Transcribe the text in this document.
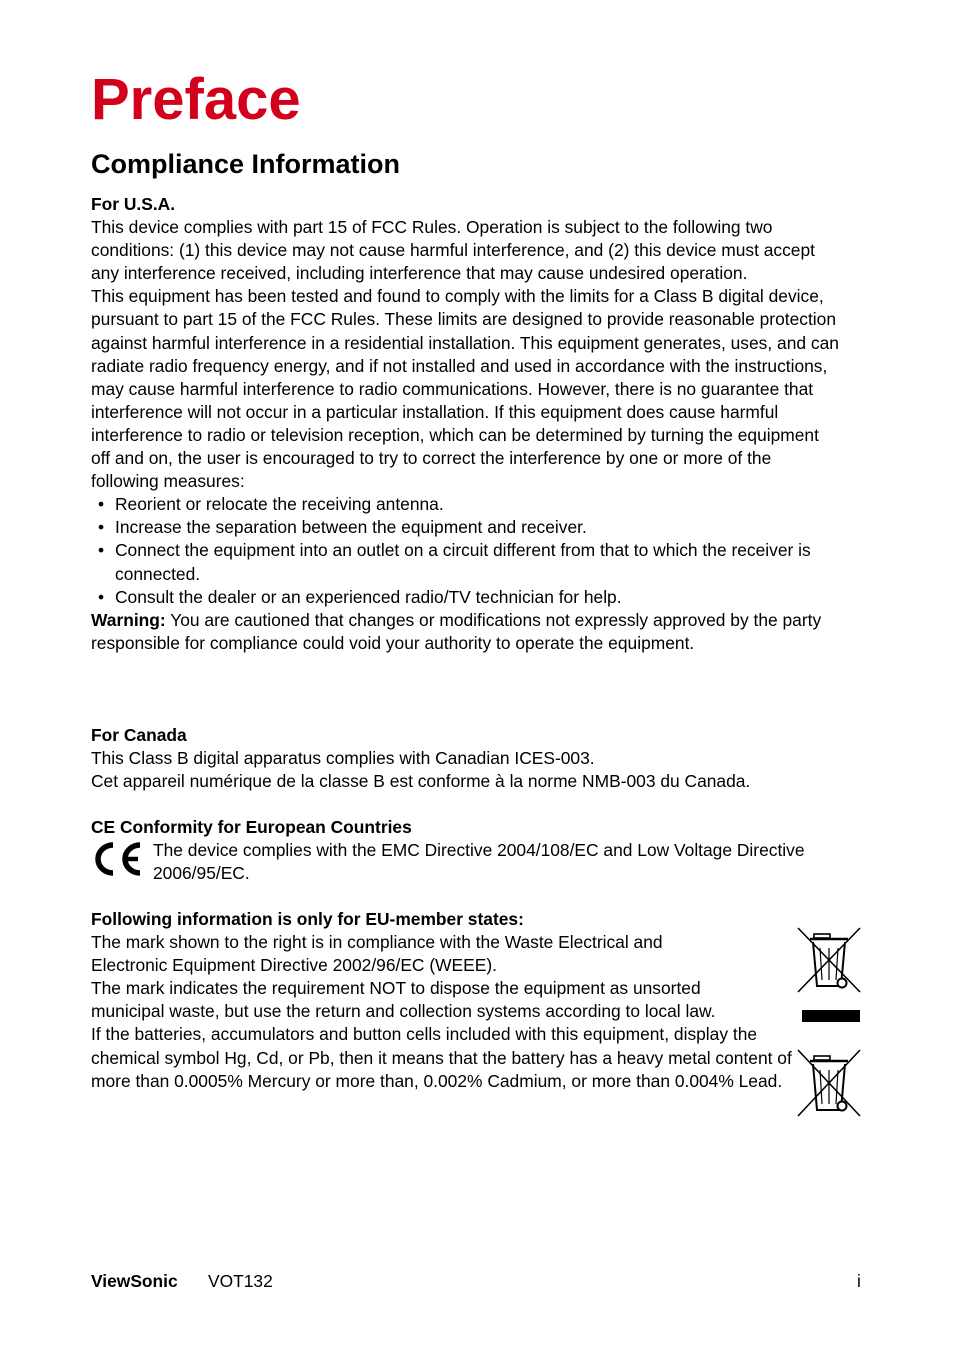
Preface
Compliance Information
For U.S.A.

This device complies with part 15 of FCC Rules. Operation is subject to the following two conditions: (1) this device may not cause harmful interference, and (2) this device must accept any interference received, including interference that may cause undesired operation.

This equipment has been tested and found to comply with the limits for a Class B digital device, pursuant to part 15 of the FCC Rules. These limits are designed to provide reasonable protection against harmful interference in a residential installation. This equipment generates, uses, and can radiate radio frequency energy, and if not installed and used in accordance with the instructions, may cause harmful interference to radio communications. However, there is no guarantee that interference will not occur in a particular installation. If this equipment does cause harmful interference to radio or television reception, which can be determined by turning the equipment off and on, the user is encouraged to try to correct the interference by one or more of the following measures:

• Reorient or relocate the receiving antenna.
• Increase the separation between the equipment and receiver.
• Connect the equipment into an outlet on a circuit different from that to which the receiver is connected.
• Consult the dealer or an experienced radio/TV technician for help.

Warning: You are cautioned that changes or modifications not expressly approved by the party responsible for compliance could void your authority to operate the equipment.

For Canada
This Class B digital apparatus complies with Canadian ICES-003.
Cet appareil numérique de la classe B est conforme à la norme NMB-003 du Canada.
CE Conformity for European Countries
The device complies with the EMC Directive 2004/108/EC and Low Voltage Directive 2006/95/EC.
Following information is only for EU-member states:

The mark shown to the right is in compliance with the Waste Electrical and Electronic Equipment Directive 2002/96/EC (WEEE).

The mark indicates the requirement NOT to dispose the equipment as unsorted municipal waste, but use the return and collection systems according to local law.

If the batteries, accumulators and button cells included with this equipment, display the chemical symbol Hg, Cd, or Pb, then it means that the battery has a heavy metal content of more than 0.0005% Mercury or more than, 0.002% Cadmium, or more than 0.004% Lead.

ViewSonic VOT132	i
